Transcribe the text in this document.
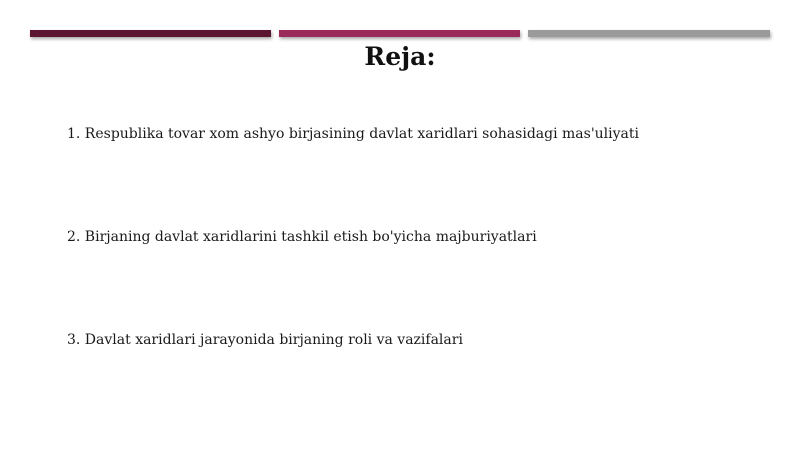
Reja:

1. Respublika tovar xom ashyo birjasining davlat xaridlari sohasidagi mas'uliyati

2. Birjaning davlat xaridlarini tashkil etish bo'yicha majburiyatlari

3. Davlat xaridlari jarayonida birjaning roli va vazifalari
